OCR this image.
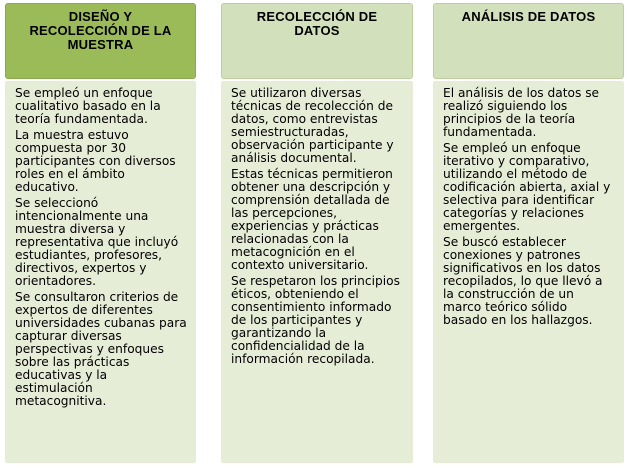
DISEÑO Y
RECOLECCIÓN DE LA
MUESTRA

Se empleó un enfoque cualitativo basado en la teoría fundamentada.

La muestra estuvo compuesta por 30 participantes con diversos roles en el ámbito educativo.

Se seleccionó intencionalmente una muestra diversa y representativa que incluyó estudiantes, profesores, directivos, expertos y orientadores.

Se consultaron criterios de expertos de diferentes universidades cubanas para capturar diversas perspectivas y enfoques sobre las prácticas educativas y la estimulación metacognitiva.

RECOLECCIÓN DE
DATOS

Se utilizaron diversas técnicas de recolección de datos, como entrevistas semiestructuradas, observación participante y análisis documental.

Estas técnicas permitieron obtener una descripción y comprensión detallada de las percepciones, experiencias y prácticas relacionadas con la metacognición en el contexto universitario.

Se respetaron los principios éticos, obteniendo el consentimiento informado de los participantes y garantizando la confidencialidad de la información recopilada.

ANÁLISIS DE DATOS

El análisis de los datos se realizó siguiendo los principios de la teoría fundamentada.

Se empleó un enfoque iterativo y comparativo, utilizando el método de codificación abierta, axial y selectiva para identificar categorías y relaciones emergentes.

Se buscó establecer conexiones y patrones significativos en los datos recopilados, lo que llevó a la construcción de un marco teórico sólido basado en los hallazgos.
